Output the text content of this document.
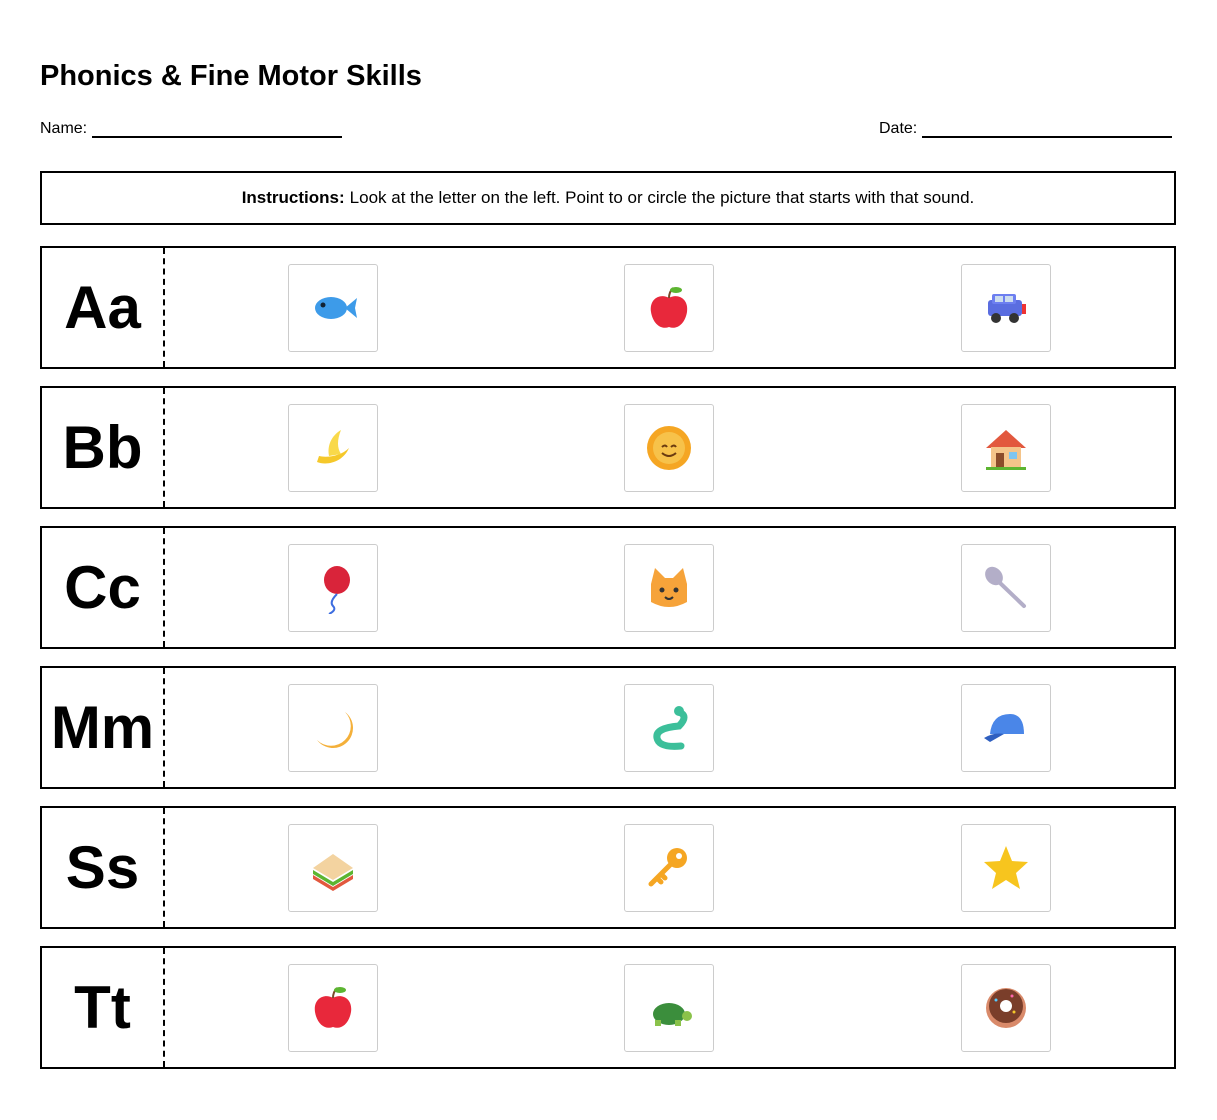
Phonics & Fine Motor Skills
Name:	Date:
Instructions: Look at the letter on the left. Point to or circle the picture that starts with that sound.
Aa
Bb
Cc
Mm
Ss
Tt
